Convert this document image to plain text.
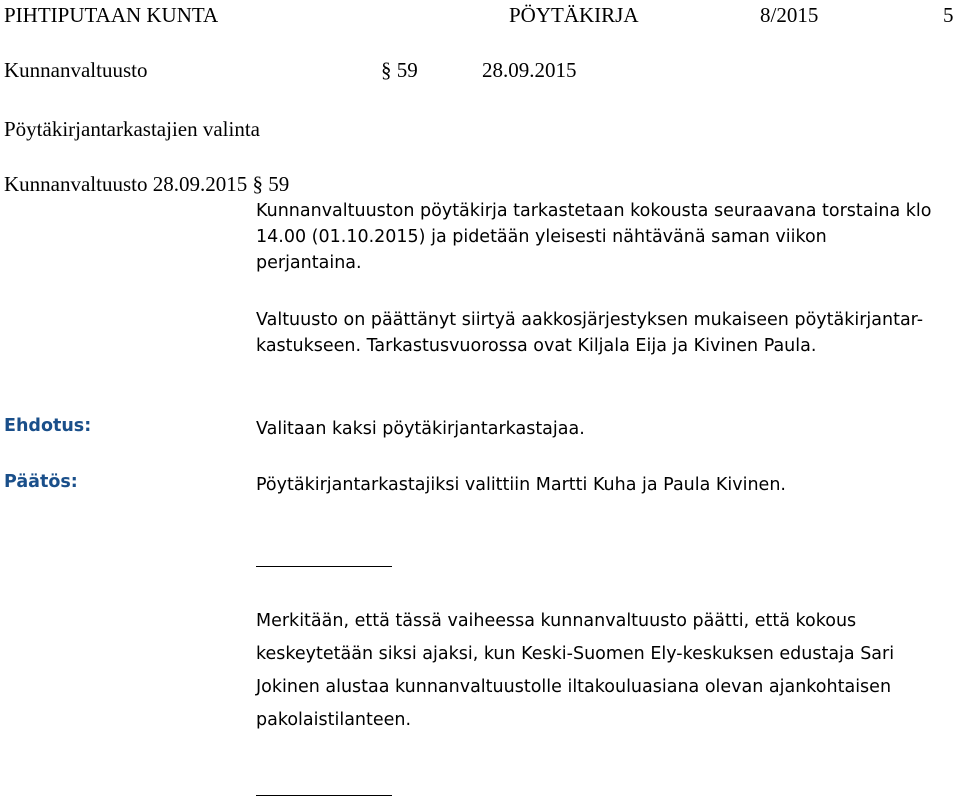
PIHTIPUTAAN KUNTA	PÖYTÄKIRJA	8/2015	5
Kunnanvaltuusto	§ 59	28.09.2015
Pöytäkirjantarkastajien valinta
Kunnanvaltuusto 28.09.2015 § 59
Kunnanvaltuuston pöytäkirja tarkastetaan kokousta seuraavana torstaina klo
14.00 (01.10.2015) ja pidetään yleisesti nähtävänä saman viikon
perjantaina.
Valtuusto on päättänyt siirtyä aakkosjärjestyksen mukaiseen pöytäkirjantar-
kastukseen. Tarkastusvuorossa ovat Kiljala Eija ja Kivinen Paula.
Ehdotus:	Valitaan kaksi pöytäkirjantarkastajaa.
Päätös:	Pöytäkirjantarkastajiksi valittiin Martti Kuha ja Paula Kivinen.
Merkitään, että tässä vaiheessa kunnanvaltuusto päätti, että kokous
keskeytetään siksi ajaksi, kun Keski-Suomen Ely-keskuksen edustaja Sari
Jokinen alustaa kunnanvaltuustolle iltakouluasiana olevan ajankohtaisen
pakolaistilanteen.
